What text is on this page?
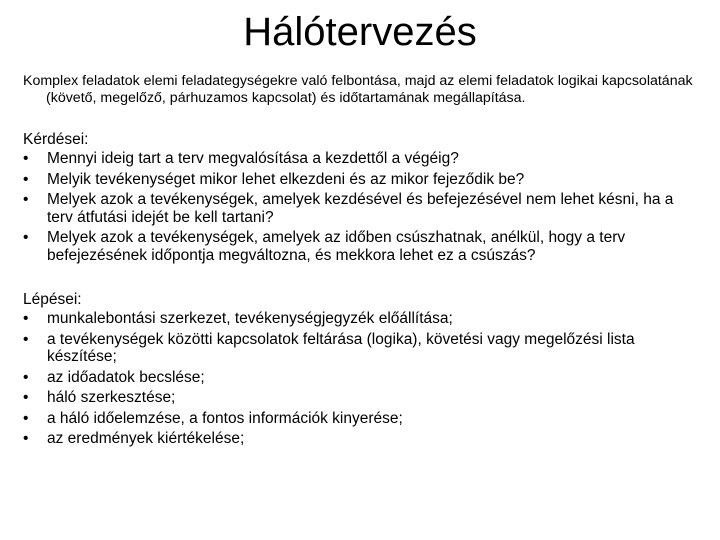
Hálótervezés

Komplex feladatok elemi feladategységekre való felbontása, majd az elemi feladatok logikai kapcsolatának (követő, megelőző, párhuzamos kapcsolat) és időtartamának megállapítása.

Kérdései:

•	Mennyi ideig tart a terv megvalósítása a kezdettől a végéig?
•	Melyik tevékenységet mikor lehet elkezdeni és az mikor fejeződik be?
•	Melyek azok a tevékenységek, amelyek kezdésével és befejezésével nem lehet késni, ha a terv átfutási idejét be kell tartani?
•	Melyek azok a tevékenységek, amelyek az időben csúszhatnak, anélkül, hogy a terv befejezésének időpontja megváltozna, és mekkora lehet ez a csúszás?

Lépései:

•	munkalebontási szerkezet, tevékenységjegyzék előállítása;
•	a tevékenységek közötti kapcsolatok feltárása (logika), követési vagy megelőzési lista készítése;
•	az időadatok becslése;
•	háló szerkesztése;
•	a háló időelemzése, a fontos információk kinyerése;
•	az eredmények kiértékelése;
